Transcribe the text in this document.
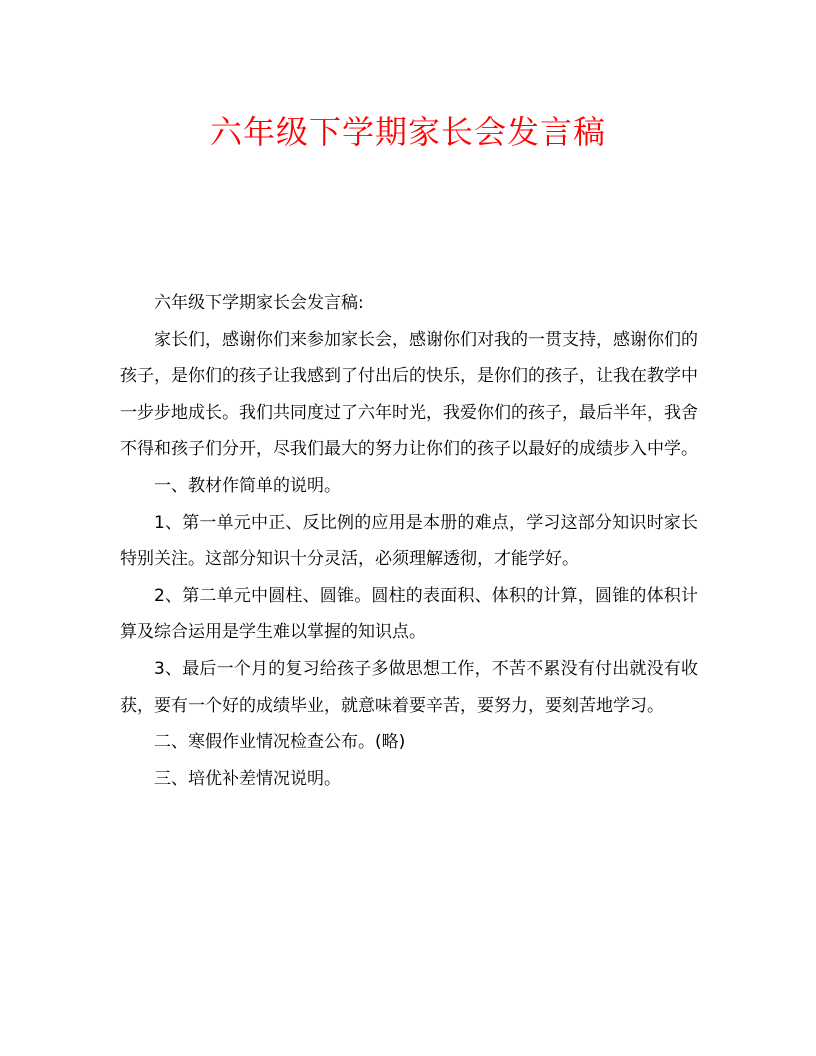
六年级下学期家长会发言稿

六年级下学期家长会发言稿:

家长们，感谢你们来参加家长会，感谢你们对我的一贯支持，感谢你们的孩子，是你们的孩子让我感到了付出后的快乐，是你们的孩子，让我在教学中一步步地成长。我们共同度过了六年时光，我爱你们的孩子，最后半年，我舍不得和孩子们分开，尽我们最大的努力让你们的孩子以最好的成绩步入中学。

一、教材作简单的说明。

1、第一单元中正、反比例的应用是本册的难点，学习这部分知识时家长特别关注。这部分知识十分灵活，必须理解透彻，才能学好。

2、第二单元中圆柱、圆锥。圆柱的表面积、体积的计算，圆锥的体积计算及综合运用是学生难以掌握的知识点。

3、最后一个月的复习给孩子多做思想工作，不苦不累没有付出就没有收获，要有一个好的成绩毕业，就意味着要辛苦，要努力，要刻苦地学习。

二、寒假作业情况检查公布。(略)

三、培优补差情况说明。
